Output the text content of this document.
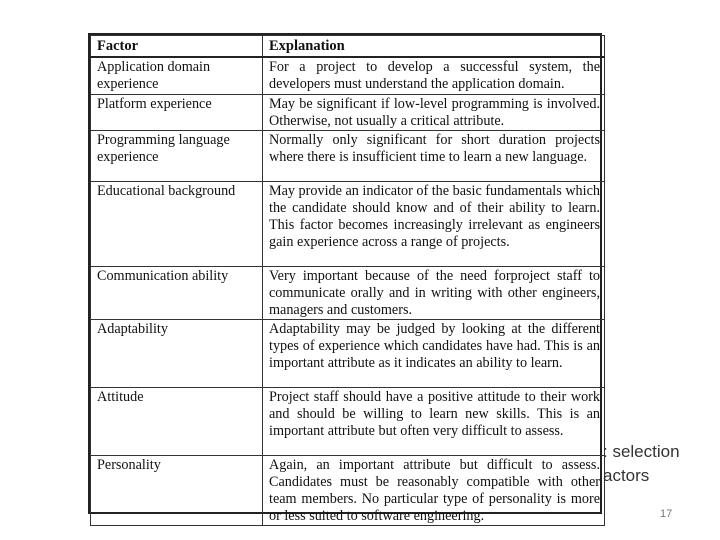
Factor	Explanation
Application domain experience	For a project to develop a successful system, the developers must understand the application domain.
Platform experience	May be significant if low-level programming is involved. Otherwise, not usually a critical attribute.
Programming language experience	Normally only significant for short duration projects where there is insufficient time to learn a new language.
Educational background	May provide an indicator of the basic fundamentals which the candidate should know and of their ability to learn. This factor becomes increasingly irrelevant as engineers gain experience across a range of projects.
Communication ability	Very important because of the need forproject staff to communicate orally and in writing with other engineers, managers and customers.
Adaptability	Adaptability may be judged by looking at the different types of experience which candidates have had. This is an important attribute as it indicates an ability to learn.
Attitude	Project staff should have a positive attitude to their work and should be willing to learn new skills. This is an important attribute but often very difficult to assess.
Personality	Again, an important attribute but difficult to assess. Candidates must be reasonably compatible with other team members. No particular type of personality is more or less suited to software engineering.
: selection
actors
17
